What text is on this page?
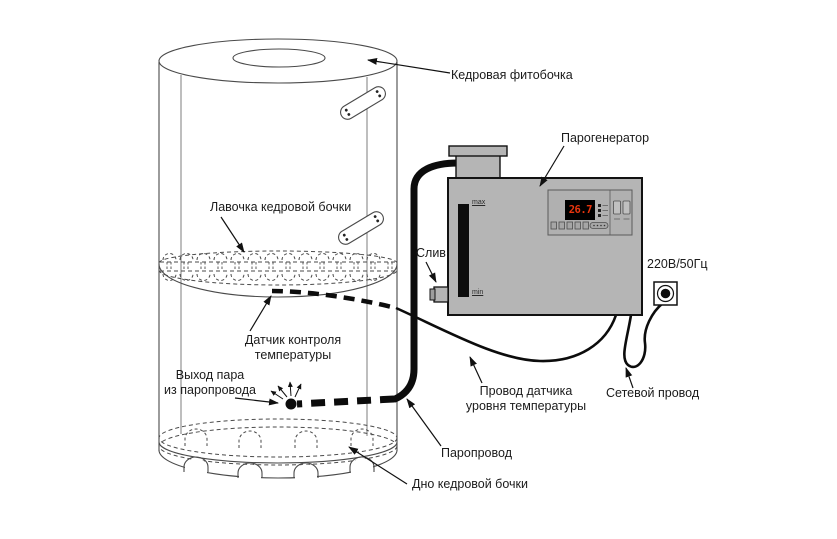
Кедровая фитобочка
Парогенератор
Лавочка кедровой бочки
Слив
220В/50Гц
Датчик контроля
температуры
Выход пара
из паропровода	Провод датчика
уровня температуры
Сетевой провод
Паропровод
Дно кедровой бочки
26.7
max
min
